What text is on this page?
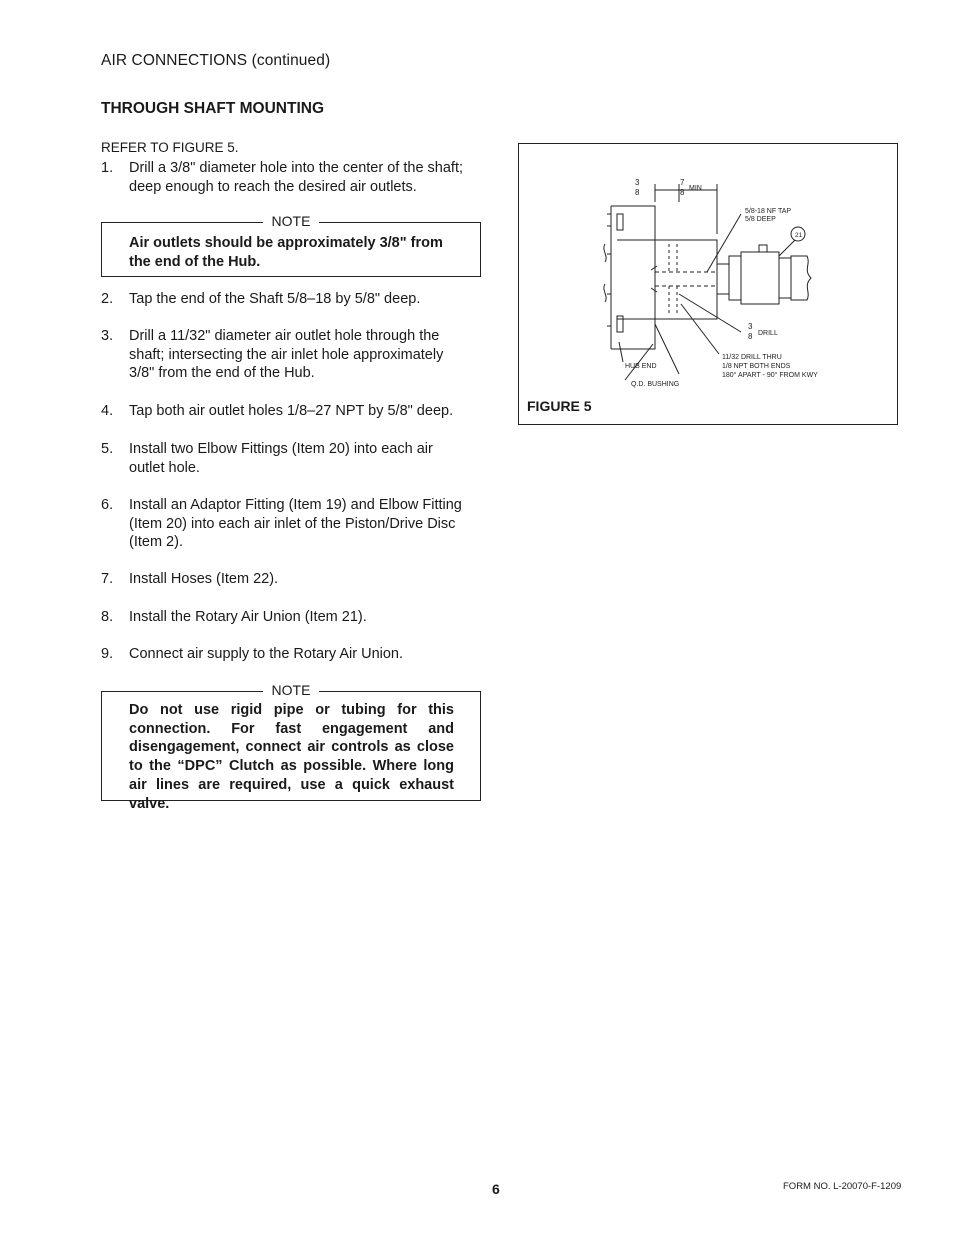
AIR CONNECTIONS (continued)
THROUGH SHAFT MOUNTING
REFER TO FIGURE 5.
1. Drill a 3/8" diameter hole into the center of the shaft; deep enough to reach the desired air outlets.
NOTE
Air outlets should be approximately 3/8" from the end of the Hub.
2. Tap the end of the Shaft 5/8–18 by 5/8" deep.
3. Drill a 11/32" diameter air outlet hole through the shaft; intersecting the air inlet hole approximately 3/8" from the end of the Hub.
4. Tap both air outlet holes 1/8–27 NPT by 5/8" deep.
5. Install two Elbow Fittings (Item 20) into each air outlet hole.
6. Install an Adaptor Fitting (Item 19) and Elbow Fitting (Item 20) into each air inlet of the Piston/Drive Disc (Item 2).
7. Install Hoses (Item 22).
8. Install the Rotary Air Union (Item 21).
9. Connect air supply to the Rotary Air Union.
NOTE
Do not use rigid pipe or tubing for this connection. For fast engagement and disengagement, connect air controls as close to the “DPC” Clutch as possible. Where long air lines are required, use a quick exhaust valve.
3
8
7
8 MIN
5/8-18 NF TAP
5/8 DEEP
21
3
8 DRILL
11/32 DRILL THRU
1/8 NPT BOTH ENDS
180° APART - 90° FROM KWY
HUB END
Q.D. BUSHING
FIGURE 5
6	FORM NO. L-20070-F-1209
